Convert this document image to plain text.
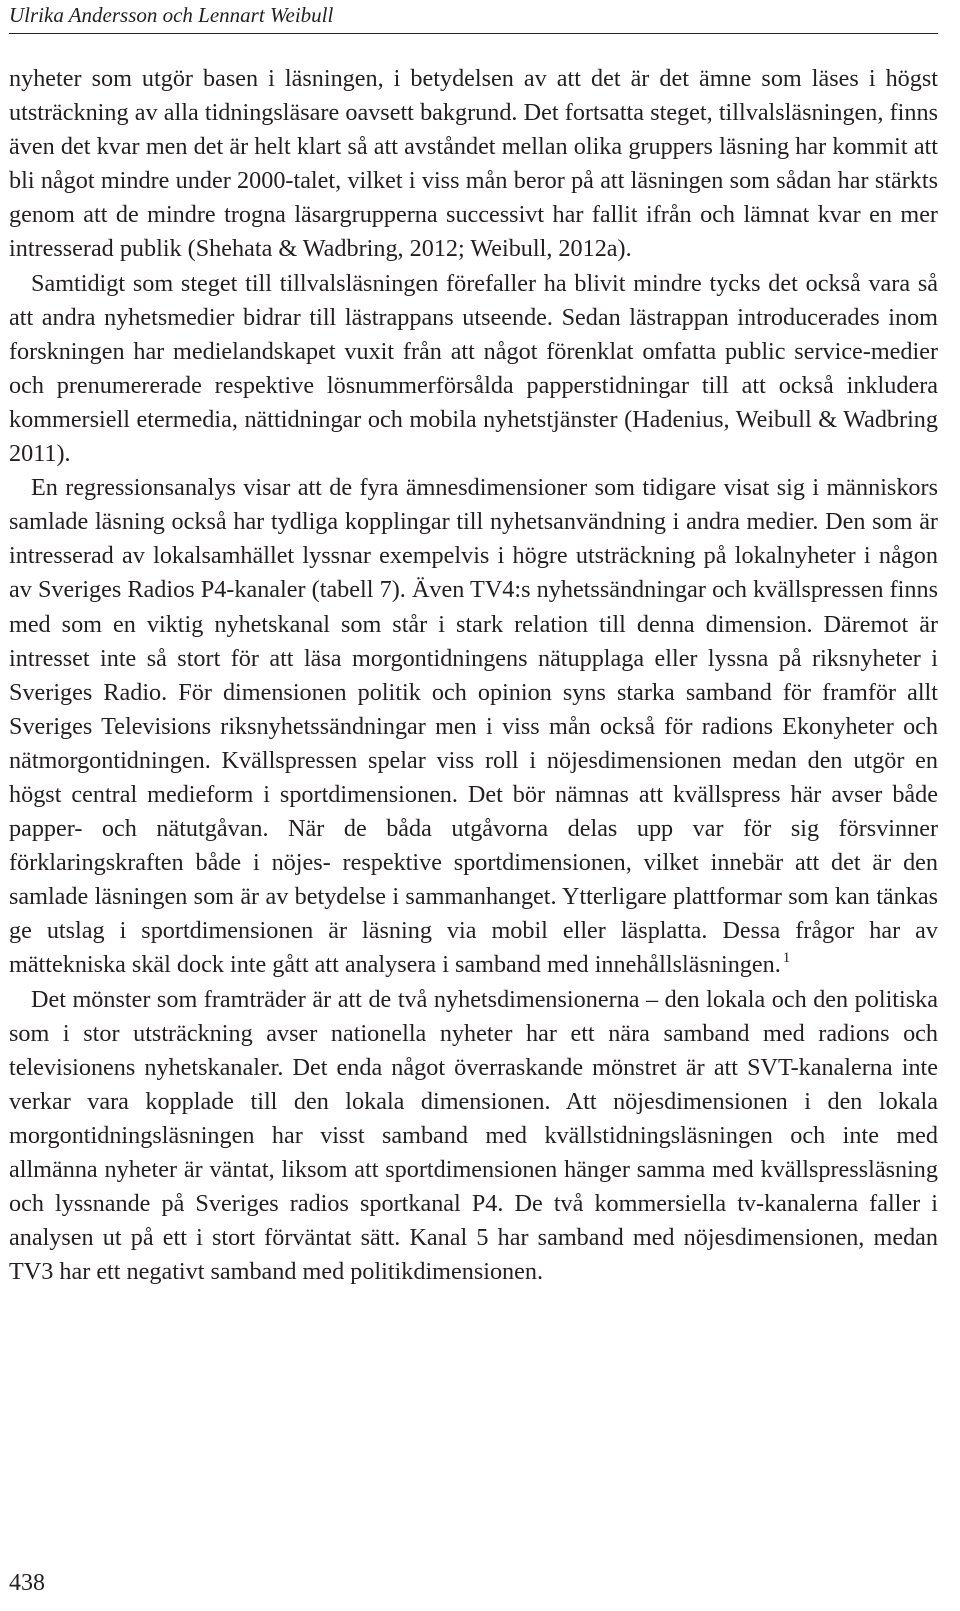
Ulrika Andersson och Lennart Weibull

nyheter som utgör basen i läsningen, i betydelsen av att det är det ämne som läses i högst utsträckning av alla tidningsläsare oavsett bakgrund. Det fortsatta steget, tillvalsläsningen, finns även det kvar men det är helt klart så att avståndet mellan olika gruppers läsning har kommit att bli något mindre under 2000-talet, vilket i viss mån beror på att läsningen som sådan har stärkts genom att de mindre trogna läsargrupperna successivt har fallit ifrån och lämnat kvar en mer intresserad publik (Shehata & Wadbring, 2012; Weibull, 2012a).

Samtidigt som steget till tillvalsläsningen förefaller ha blivit mindre tycks det också vara så att andra nyhetsmedier bidrar till lästrappans utseende. Sedan lästrappan introducerades inom forskningen har medielandskapet vuxit från att något förenklat omfatta public service-medier och prenumererade respektive lösnummerförsålda papperstidningar till att också inkludera kommersiell etermedia, nättidningar och mobila nyhetstjänster (Hadenius, Weibull & Wadbring 2011).

En regressionsanalys visar att de fyra ämnesdimensioner som tidigare visat sig i människors samlade läsning också har tydliga kopplingar till nyhetsanvändning i andra medier. Den som är intresserad av lokalsamhället lyssnar exempelvis i högre utsträckning på lokalnyheter i någon av Sveriges Radios P4-kanaler (tabell 7). Även TV4:s nyhetssändningar och kvällspressen finns med som en viktig nyhetskanal som står i stark relation till denna dimension. Däremot är intresset inte så stort för att läsa morgontidningens nätupplaga eller lyssna på riksnyheter i Sveriges Radio. För dimensionen politik och opinion syns starka samband för framför allt Sveriges Televisions riksnyhetssändningar men i viss mån också för radions Ekonyheter och nätmorgontidningen. Kvällspressen spelar viss roll i nöjesdimensionen medan den utgör en högst central medieform i sportdimensionen. Det bör nämnas att kvällspress här avser både papper- och nätutgåvan. När de båda utgåvorna delas upp var för sig försvinner förklaringskraften både i nöjes- respektive sportdimensionen, vilket innebär att det är den samlade läsningen som är av betydelse i sammanhanget. Ytterligare plattformar som kan tänkas ge utslag i sportdimensionen är läsning via mobil eller läsplatta. Dessa frågor har av mättekniska skäl dock inte gått att analysera i samband med innehållsläsningen. $^1$

Det mönster som framträder är att de två nyhetsdimensionerna – den lokala och den politiska som i stor utsträckning avser nationella nyheter har ett nära samband med radions och televisionens nyhetskanaler. Det enda något överraskande mönstret är att SVT-kanalerna inte verkar vara kopplade till den lokala dimensionen. Att nöjesdimensionen i den lokala morgontidningsläsningen har visst samband med kvällstidningsläsningen och inte med allmänna nyheter är väntat, liksom att sportdimensionen hänger samma med kvällspressläsning och lyssnande på Sveriges radios sportkanal P4. De två kommersiella tv-kanalerna faller i analysen ut på ett i stort förväntat sätt. Kanal 5 har samband med nöjesdimensionen, medan TV3 har ett negativt samband med politikdimensionen.

438
